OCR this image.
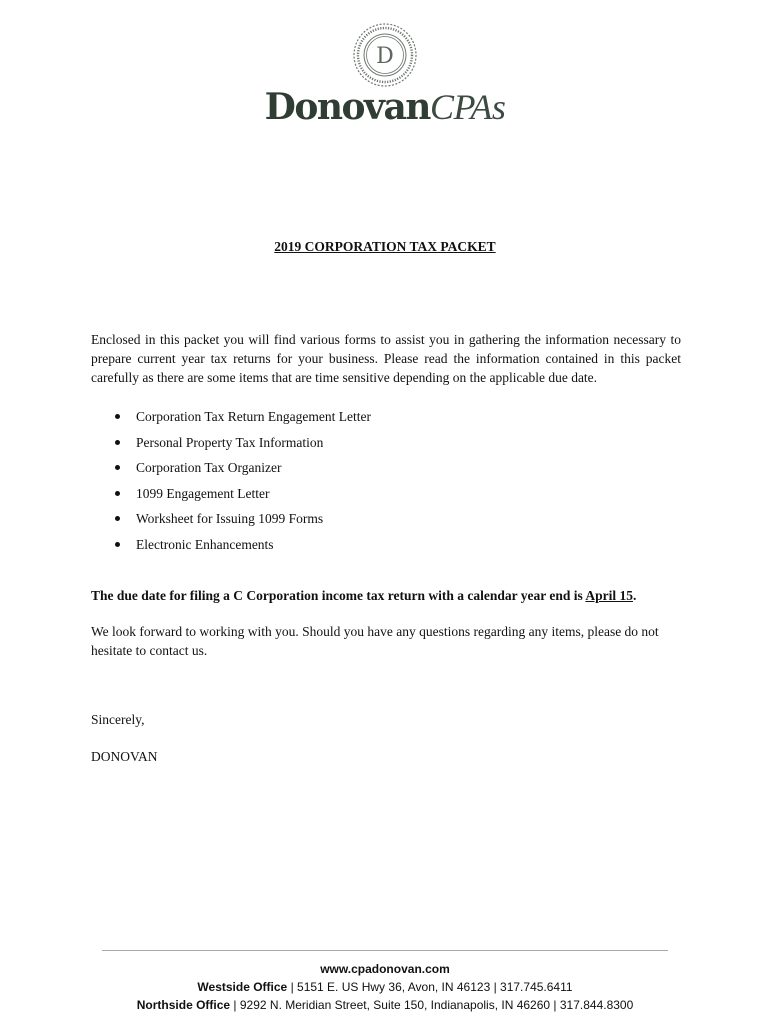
D
DonovanCPAs
2019 CORPORATION TAX PACKET

Enclosed in this packet you will find various forms to assist you in gathering the information necessary to prepare current year tax returns for your business. Please read the information contained in this packet carefully as there are some items that are time sensitive depending on the applicable due date.

Corporation Tax Return Engagement Letter
Personal Property Tax Information
Corporation Tax Organizer
1099 Engagement Letter
Worksheet for Issuing 1099 Forms
Electronic Enhancements

The due date for filing a C Corporation income tax return with a calendar year end is April 15.

We look forward to working with you. Should you have any questions regarding any items, please do not hesitate to contact us.

Sincerely,

DONOVAN

www.cpadonovan.com
Westside Office | 5151 E. US Hwy 36, Avon, IN 46123 | 317.745.6411
Northside Office | 9292 N. Meridian Street, Suite 150, Indianapolis, IN 46260 | 317.844.8300
